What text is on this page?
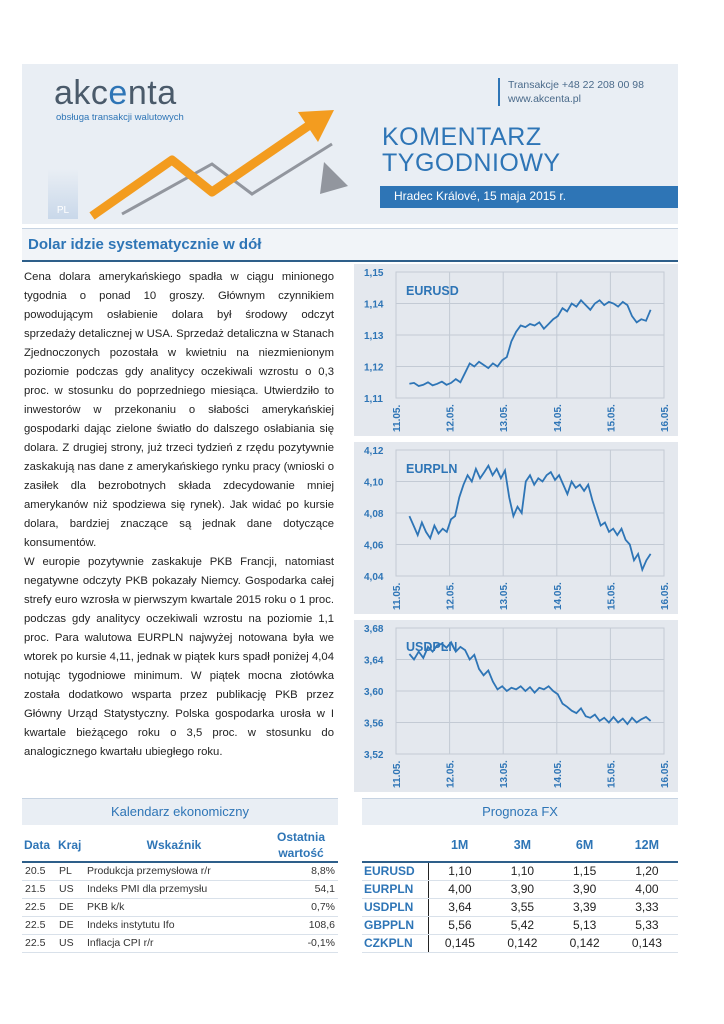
akcenta
obsługa transakcji walutowych
Transakcje +48 22 208 00 98
www.akcenta.pl
PL
KOMENTARZ
TYGODNIOWY
Hradec Králové, 15 maja 2015 r.
Dolar idzie systematycznie w dół

Cena dolara amerykańskiego spadła w ciągu minionego tygodnia o ponad 10 groszy. Głównym czynnikiem powodującym osłabienie dolara był środowy odczyt sprzedaży detalicznej w USA. Sprzedaż detaliczna w Stanach Zjednoczonych pozostała w kwietniu na niezmienionym poziomie podczas gdy analitycy oczekiwali wzrostu o 0,3 proc. w stosunku do poprzedniego miesiąca. Utwierdziło to inwestorów w przekonaniu o słabości amerykańskiej gospodarki dając zielone światło do dalszego osłabiania się dolara. Z drugiej strony, już trzeci tydzień z rzędu pozytywnie zaskakują nas dane z amerykańskiego rynku pracy (wnioski o zasiłek dla bezrobotnych składa zdecydowanie mniej amerykanów niż spodziewa się rynek). Jak widać po kursie dolara, bardziej znaczące są jednak dane dotyczące konsumentów.

W europie pozytywnie zaskakuje PKB Francji, natomiast negatywne odczyty PKB pokazały Niemcy. Gospodarka całej strefy euro wzrosła w pierwszym kwartale 2015 roku o 1 proc. podczas gdy analitycy oczekiwali wzrostu na poziomie 1,1 proc. Para walutowa EURPLN najwyżej notowana była we wtorek po kursie 4,11, jednak w piątek kurs spadł poniżej 4,04 notując tygodniowe minimum. W piątek mocna złotówka została dodatkowo wsparta przez publikację PKB przez Główny Urząd Statystyczny. Polska gospodarka urosła w I kwartale bieżącego roku o 3,5 proc. w stosunku do analogicznego kwartału ubiegłego roku.

1,11
1,12
1,13
1,14
1,15
11.05.	12.05.	13.05.	14.05.	15.05.	16.05.
EURUSD
4,04
4,06
4,08
4,10
4,12
11.05.	12.05.	13.05.	14.05.	15.05.	16.05.
EURPLN
3,52
3,56
3,60
3,64
3,68
11.05.	12.05.	13.05.	14.05.	15.05.	16.05.
USDPLN
Kalendarz ekonomiczny
Data	Kraj	Wskaźnik	Ostatnia wartość
20.5	PL	Produkcja przemysłowa r/r	8,8%
21.5	US	Indeks PMI dla przemysłu	54,1
22.5	DE	PKB k/k	0,7%
22.5	DE	Indeks instytutu Ifo	108,6
22.5	US	Inflacja CPI r/r	-0,1%
Prognoza FX
	1M	3M	6M	12M
EURUSD	1,10	1,10	1,15	1,20
EURPLN	4,00	3,90	3,90	4,00
USDPLN	3,64	3,55	3,39	3,33
GBPPLN	5,56	5,42	5,13	5,33
CZKPLN	0,145	0,142	0,142	0,143
